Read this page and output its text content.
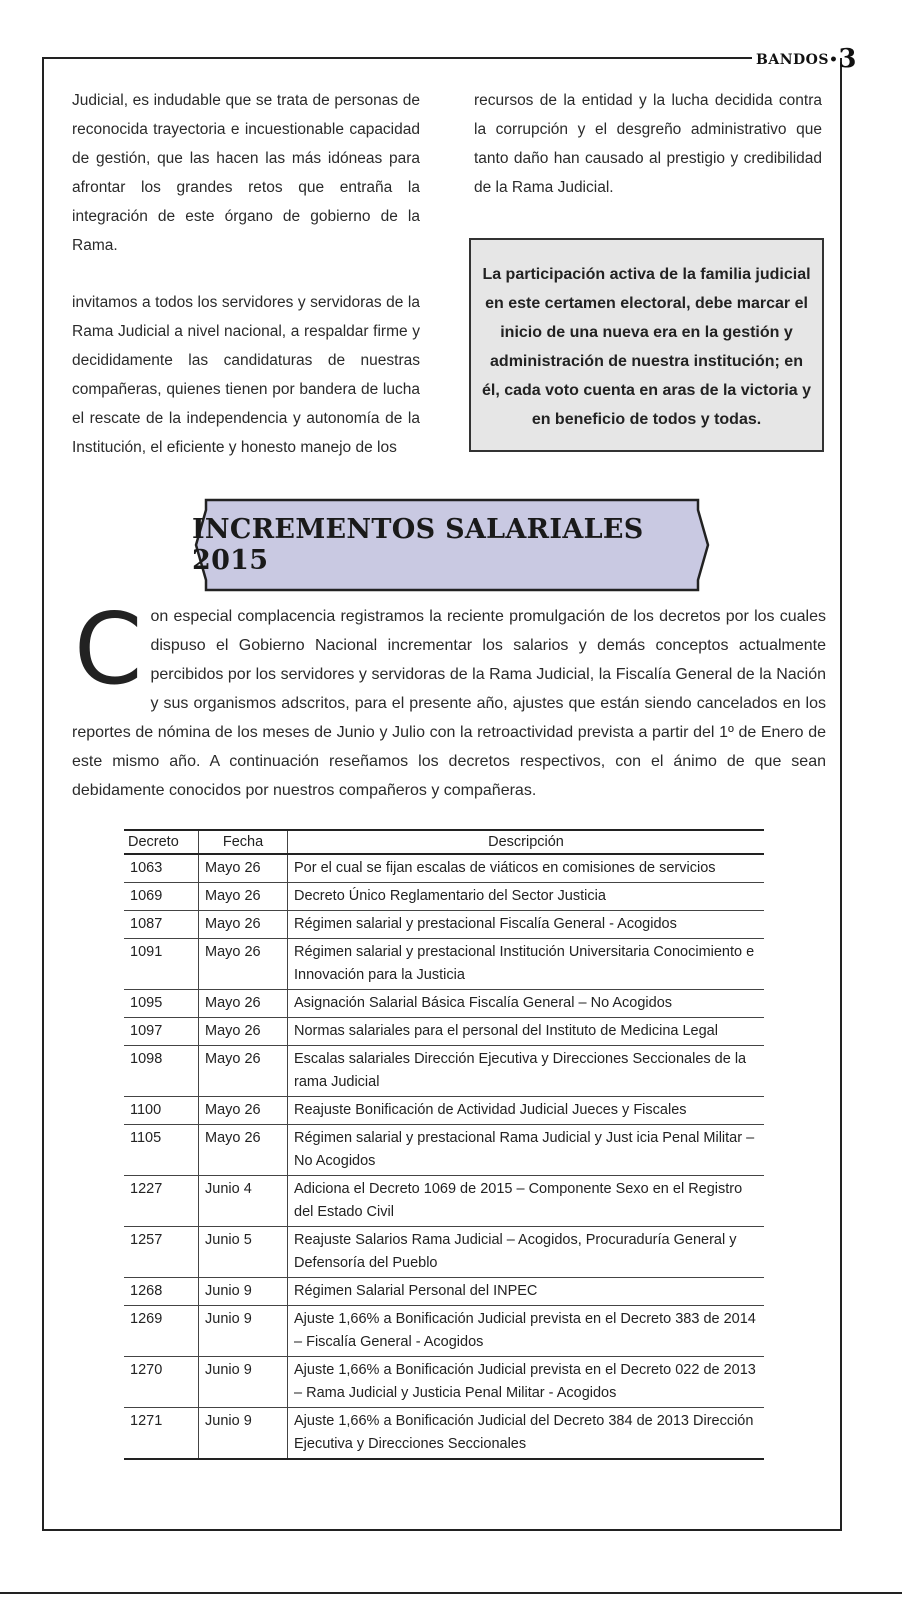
BANDOS•3

Judicial, es indudable que se trata de personas de reconocida trayectoria e incuestionable capacidad de gestión, que las hacen las más idóneas para afrontar los grandes retos que entraña la integración de este órgano de gobierno de la Rama.

invitamos a todos los servidores y servidoras de la Rama Judicial a nivel nacional, a respaldar firme y decididamente las candidaturas de nuestras compañeras, quienes tienen por bandera de lucha el rescate de la independencia y autonomía de la Institución, el eficiente y honesto manejo de los

recursos de la entidad y la lucha decidida contra la corrupción y el desgreño administrativo que tanto daño han causado al prestigio y credibilidad de la Rama Judicial.

La participación activa de la familia judicial en este certamen electoral, debe marcar el inicio de una nueva era en la gestión y administración de nuestra institución; en él, cada voto cuenta en aras de la victoria y en beneficio de todos y todas.
INCREMENTOS SALARIALES 2015
C on especial complacencia registramos la reciente promulgación de los decretos por los cuales dispuso el Gobierno Nacional incrementar los salarios y demás conceptos actualmente percibidos por los servidores y servidoras de la Rama Judicial, la Fiscalía General de la Nación y sus organismos adscritos, para el presente año, ajustes que están siendo cancelados en los reportes de nómina de los meses de Junio y Julio con la retroactividad prevista a partir del 1º de Enero de este mismo año. A continuación reseñamos los decretos respectivos, con el ánimo de que sean debidamente conocidos por nuestros compañeros y compañeras.
Decreto	Fecha	Descripción
1063	Mayo 26	Por el cual se fijan escalas de viáticos en comisiones de servicios
1069	Mayo 26	Decreto Único Reglamentario del Sector Justicia
1087	Mayo 26	Régimen salarial y prestacional Fiscalía General - Acogidos
1091	Mayo 26	Régimen salarial y prestacional Institución Universitaria Conocimiento e Innovación para la Justicia
1095	Mayo 26	Asignación Salarial Básica Fiscalía General – No Acogidos
1097	Mayo 26	Normas salariales para el personal del Instituto de Medicina Legal
1098	Mayo 26	Escalas salariales Dirección Ejecutiva y Direcciones Seccionales de la rama Judicial
1100	Mayo 26	Reajuste Bonificación de Actividad Judicial Jueces y Fiscales
1105	Mayo 26	Régimen salarial y prestacional Rama Judicial y Just icia Penal Militar – No Acogidos
1227	Junio 4	Adiciona el Decreto 1069 de 2015 – Componente Sexo en el Registro del Estado Civil
1257	Junio 5	Reajuste Salarios Rama Judicial – Acogidos, Procuraduría General y Defensoría del Pueblo
1268	Junio 9	Régimen Salarial Personal del INPEC
1269	Junio 9	Ajuste 1,66% a Bonificación Judicial prevista en el Decreto 383 de 2014 – Fiscalía General - Acogidos
1270	Junio 9	Ajuste 1,66% a Bonificación Judicial prevista en el Decreto 022 de 2013 – Rama Judicial y Justicia Penal Militar - Acogidos
1271	Junio 9	Ajuste 1,66% a Bonificación Judicial del Decreto 384 de 2013 Dirección Ejecutiva y Direcciones Seccionales
